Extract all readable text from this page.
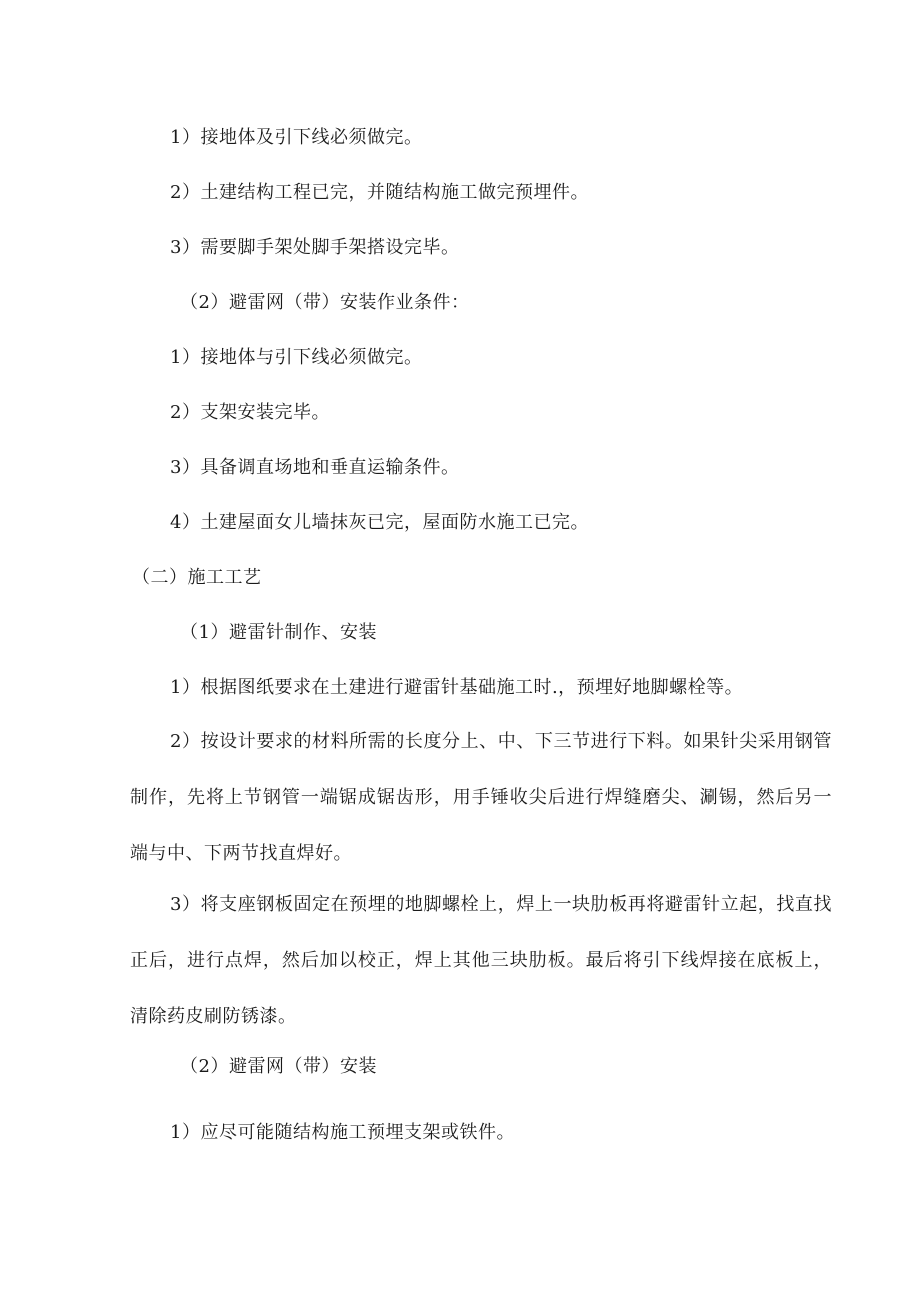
1）接地体及引下线必须做完。
2）土建结构工程已完，并随结构施工做完预埋件。
3）需要脚手架处脚手架搭设完毕。
（2）避雷网（带）安装作业条件：
1）接地体与引下线必须做完。
2）支架安装完毕。
3）具备调直场地和垂直运输条件。
4）土建屋面女儿墙抹灰已完，屋面防水施工已完。
（二）施工工艺
（1）避雷针制作、安装
1）根据图纸要求在土建进行避雷针基础施工时.，预埋好地脚螺栓等。
2）按设计要求的材料所需的长度分上、中、下三节进行下料。如果针尖采用钢管制作，先将上节钢管一端锯成锯齿形，用手锤收尖后进行焊缝磨尖、涮锡，然后另一端与中、下两节找直焊好。
3）将支座钢板固定在预埋的地脚螺栓上，焊上一块肋板再将避雷针立起，找直找正后，进行点焊，然后加以校正，焊上其他三块肋板。最后将引下线焊接在底板上，清除药皮刷防锈漆。
（2）避雷网（带）安装
1）应尽可能随结构施工预埋支架或铁件。
